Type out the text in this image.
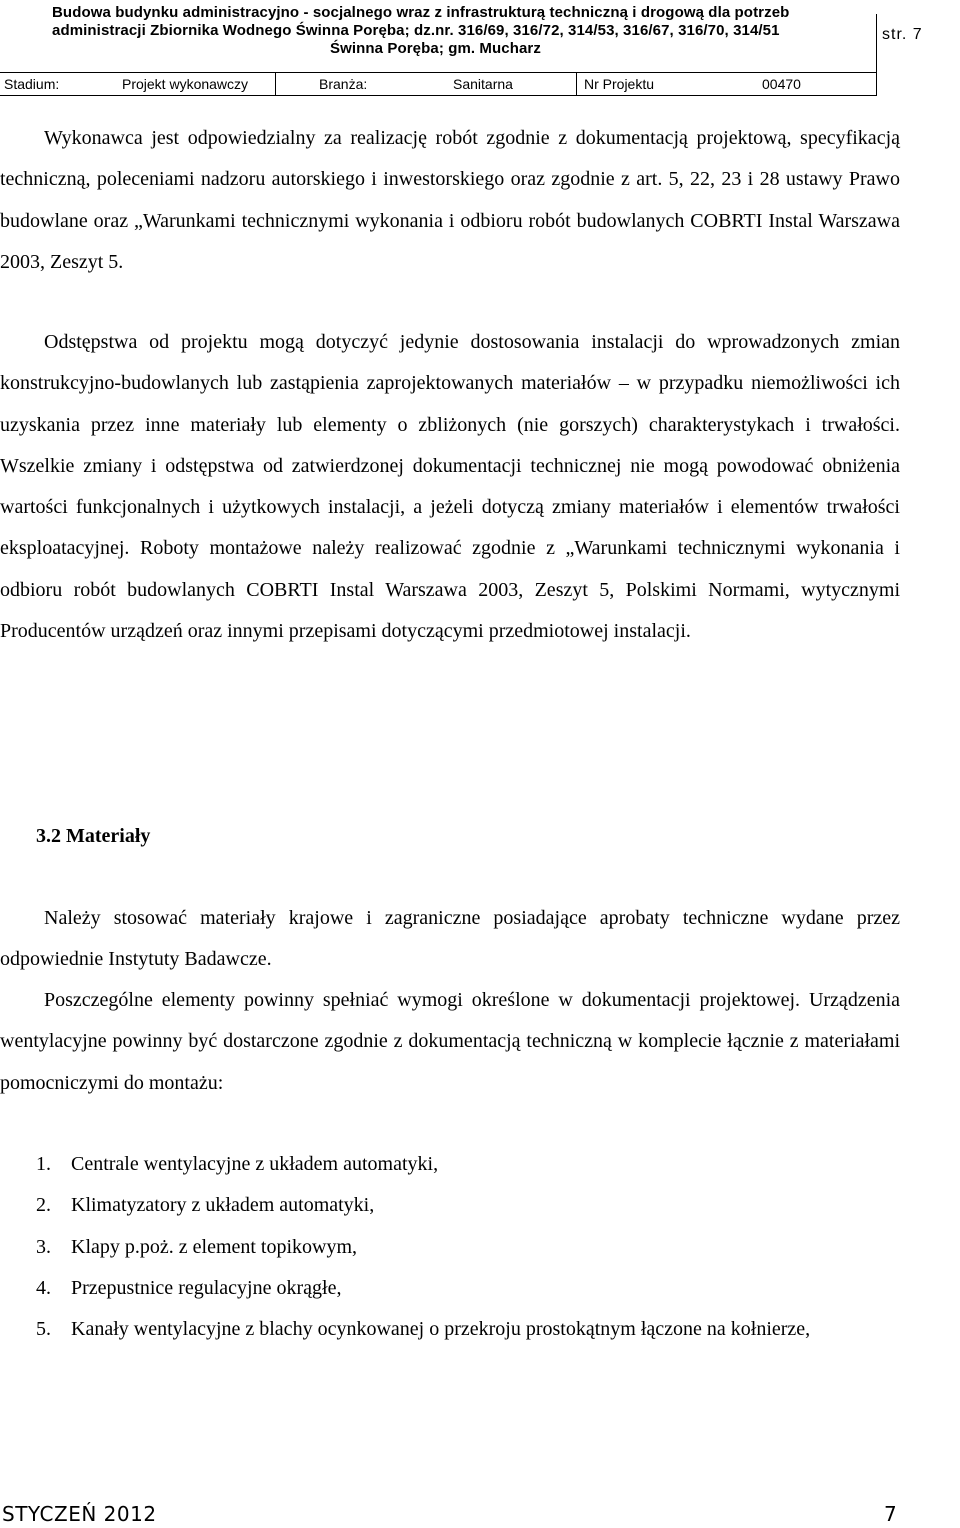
Budowa budynku administracyjno - socjalnego wraz z infrastrukturą techniczną i drogową dla potrzeb
administracji Zbiornika Wodnego Świnna Poręba; dz.nr. 316/69, 316/72, 314/53, 316/67, 316/70, 314/51
Świnna Poręba; gm. Mucharz
str. 7
Stadium:	Projekt wykonawczy	Branża:	Sanitarna	Nr Projektu	00470

Wykonawca jest odpowiedzialny za realizację robót zgodnie z dokumentacją projektową, specyfikacją techniczną, poleceniami nadzoru autorskiego i inwestorskiego oraz zgodnie z art. 5, 22, 23 i 28 ustawy Prawo budowlane oraz „Warunkami technicznymi wykonania i odbioru robót budowlanych COBRTI Instal Warszawa 2003, Zeszyt 5.

Odstępstwa od projektu mogą dotyczyć jedynie dostosowania instalacji do wprowadzonych zmian konstrukcyjno-budowlanych lub zastąpienia zaprojektowanych materiałów – w przypadku niemożliwości ich uzyskania przez inne materiały lub elementy o zbliżonych (nie gorszych) charakterystykach i trwałości. Wszelkie zmiany i odstępstwa od zatwierdzonej dokumentacji technicznej nie mogą powodować obniżenia wartości funkcjonalnych i użytkowych instalacji, a jeżeli dotyczą zmiany materiałów i elementów trwałości eksploatacyjnej. Roboty montażowe należy realizować zgodnie z „Warunkami technicznymi wykonania i odbioru robót budowlanych COBRTI Instal Warszawa 2003, Zeszyt 5, Polskimi Normami, wytycznymi Producentów urządzeń oraz innymi przepisami dotyczącymi przedmiotowej instalacji.

3.2 Materiały

Należy stosować materiały krajowe i zagraniczne posiadające aprobaty techniczne wydane przez odpowiednie Instytuty Badawcze.

Poszczególne elementy powinny spełniać wymogi określone w dokumentacji projektowej. Urządzenia wentylacyjne powinny być dostarczone zgodnie z dokumentacją techniczną w komplecie łącznie z materiałami pomocniczymi do montażu:

1. Centrale wentylacyjne z układem automatyki,
2. Klimatyzatory z układem automatyki,
3. Klapy p.poż. z element topikowym,
4. Przepustnice regulacyjne okrągłe,
5. Kanały wentylacyjne z blachy ocynkowanej o przekroju prostokątnym łączone na kołnierze,
STYCZEŃ 2012	7
